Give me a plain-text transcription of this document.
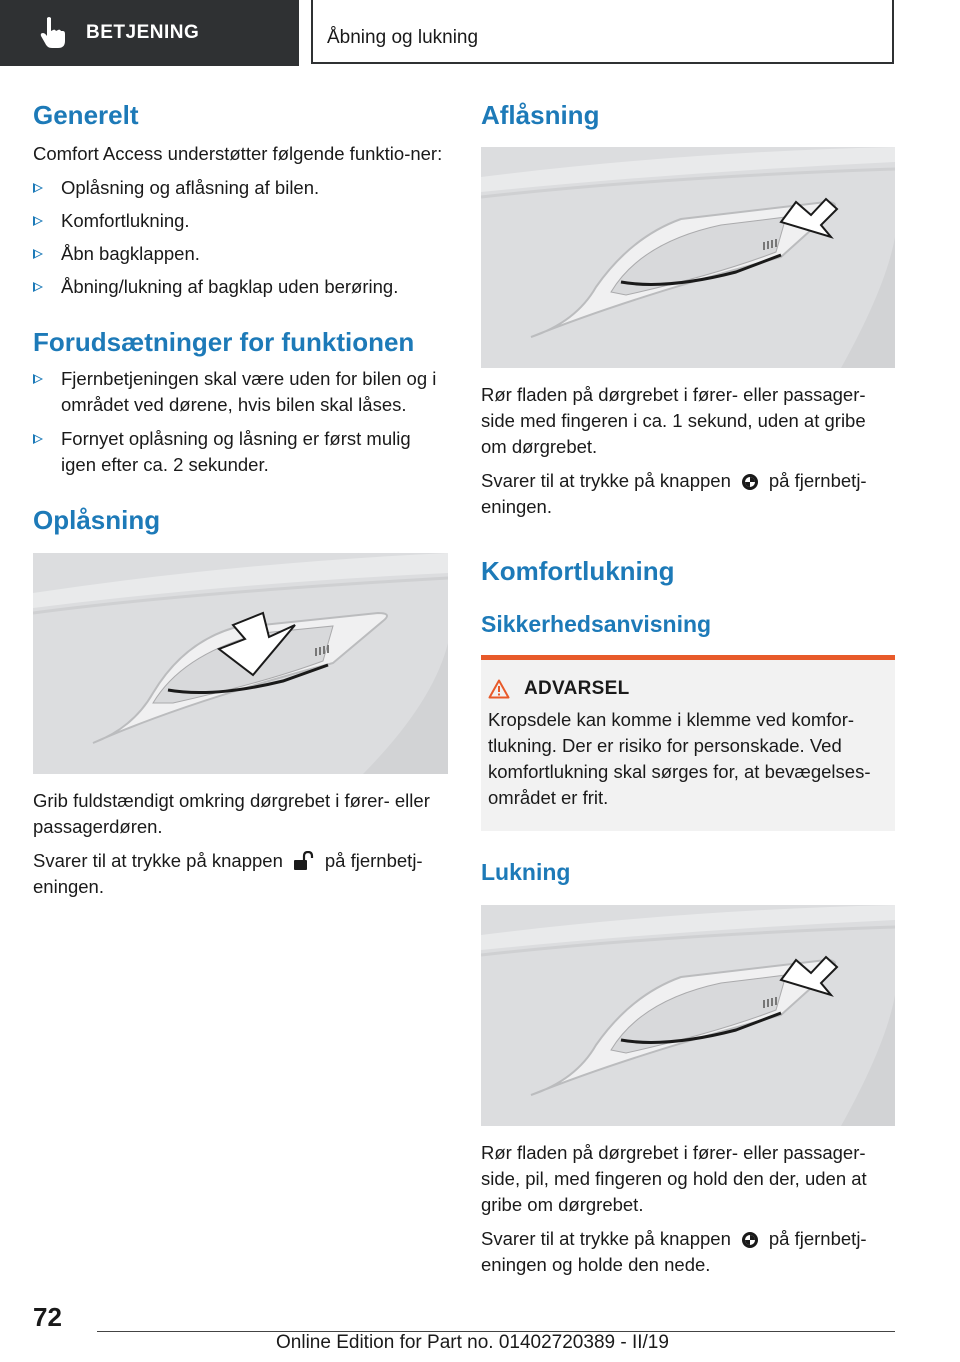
BETJENING	Åbning og lukning
Generelt

Comfort Access understøtter følgende funktio-ner:

Oplåsning og aflåsning af bilen.
Komfortlukning.
Åbn bagklappen.
Åbning/lukning af bagklap uden berøring.
Forudsætninger for funktionen
Fjernbetjeningen skal være uden for bilen og i området ved dørene, hvis bilen skal låses.
Fornyet oplåsning og låsning er først mulig igen efter ca. 2 sekunder.
Oplåsning

Grib fuldstændigt omkring dørgrebet i fører- eller passagerdøren.

Svarer til at trykke på knappen på fjernbetj-eningen.

Aflåsning

Rør fladen på dørgrebet i fører- eller passager-side med fingeren i ca. 1 sekund, uden at gribe om dørgrebet.

Svarer til at trykke på knappen på fjernbetj-eningen.

Komfortlukning
Sikkerhedsanvisning
ADVARSEL

Kropsdele kan komme i klemme ved komfor-tlukning. Der er risiko for personskade. Ved komfortlukning skal sørges for, at bevægelses-området er frit.

Lukning

Rør fladen på dørgrebet i fører- eller passager-side, pil, med fingeren og hold den der, uden at gribe om dørgrebet.

Svarer til at trykke på knappen på fjernbetj-eningen og holde den nede.

72
Online Edition for Part no. 01402720389 - II/19
